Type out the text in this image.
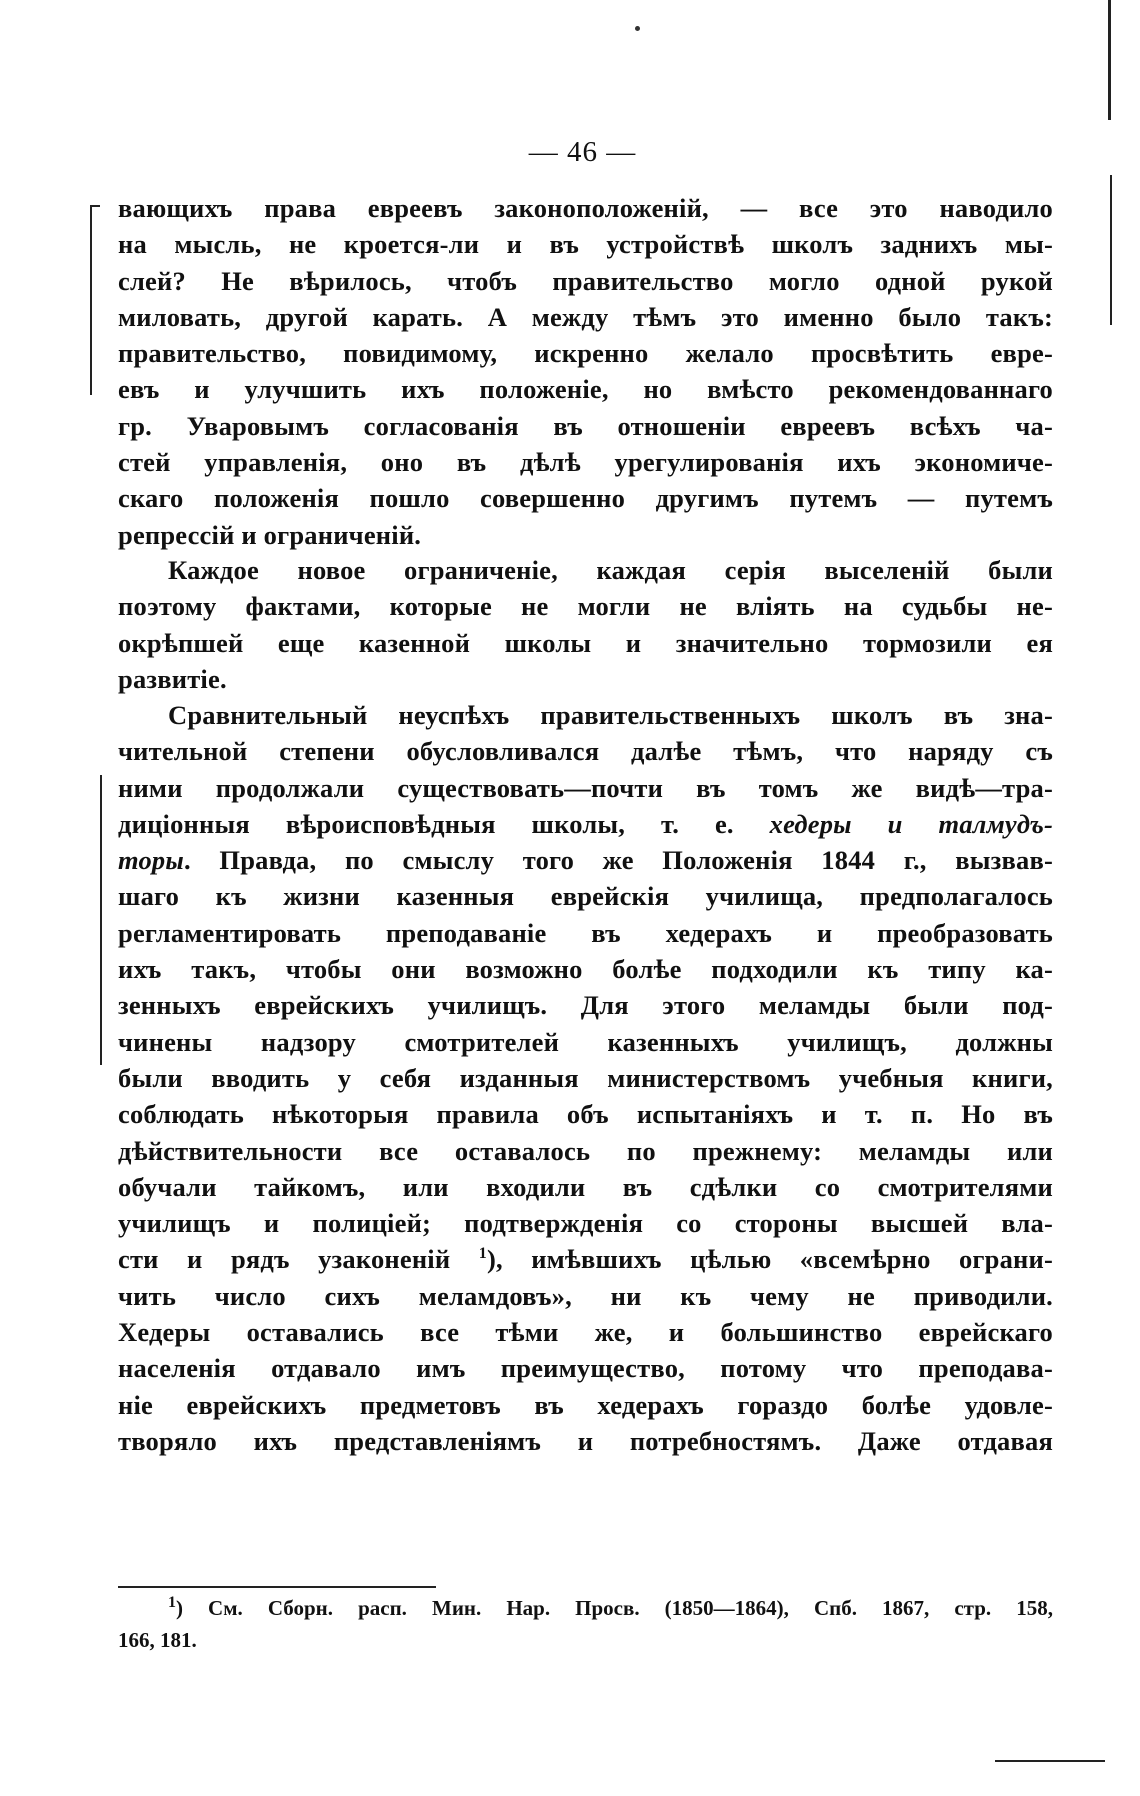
— 46 —
вающихъ права евреевъ законоположеній, — все это наводило
на мысль, не кроется-ли и въ устройствѣ школъ заднихъ мы-
слей? Не вѣрилось, чтобъ правительство могло одной рукой
миловать, другой карать. А между тѣмъ это именно было такъ:
правительство, повидимому, искренно желало просвѣтить евре-
евъ и улучшить ихъ положеніе, но вмѣсто рекомендованнаго
гр. Уваровымъ согласованія въ отношеніи евреевъ всѣхъ ча-
стей управленія, оно въ дѣлѣ урегулированія ихъ экономиче-
скаго положенія пошло совершенно другимъ путемъ — путемъ
репрессій и ограниченій.
Каждое новое ограниченіе, каждая серія выселеній были
поэтому фактами, которые не могли не вліять на судьбы не-
окрѣпшей еще казенной школы и значительно тормозили ея
развитіе.
Сравнительный неуспѣхъ правительственныхъ школъ въ зна-
чительной степени обусловливался далѣе тѣмъ, что наряду съ
ними продолжали существовать—почти въ томъ же видѣ—тра-
диціонныя вѣроисповѣдныя школы, т. е. хедеры и талмудъ-
торы. Правда, по смыслу того же Положенія 1844 г., вызвав-
шаго къ жизни казенныя еврейскія училища, предполагалось
регламентировать преподаваніе въ хедерахъ и преобразовать
ихъ такъ, чтобы они возможно болѣе подходили къ типу ка-
зенныхъ еврейскихъ училищъ. Для этого меламды были под-
чинены надзору смотрителей казенныхъ училищъ, должны
были вводить у себя изданныя министерствомъ учебныя книги,
соблюдать нѣкоторыя правила объ испытаніяхъ и т. п. Но въ
дѣйствительности все оставалось по прежнему: меламды или
обучали тайкомъ, или входили въ сдѣлки со смотрителями
училищъ и полиціей; подтвержденія со стороны высшей вла-
сти и рядъ узаконеній $^1$), имѣвшихъ цѣлью «всемѣрно ограни-
чить число сихъ меламдовъ», ни къ чему не приводили.
Хедеры оставались все тѣми же, и большинство еврейскаго
населенія отдавало имъ преимущество, потому что преподава-
ніе еврейскихъ предметовъ въ хедерахъ гораздо болѣе удовле-
творяло ихъ представленіямъ и потребностямъ. Даже отдавая
$^1$) См. Сборн. расп. Мин. Нар. Просв. (1850—1864), Спб. 1867, стр. 158,
166, 181.
